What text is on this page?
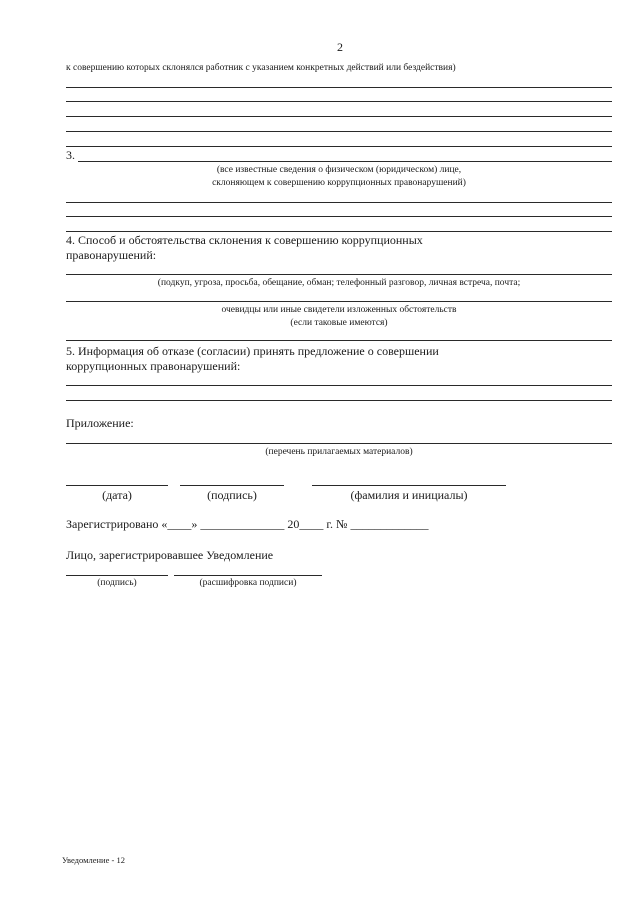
2
к совершению которых склонялся работник с указанием конкретных действий или бездействия)
3.
(все известные сведения о физическом (юридическом) лице,
склоняющем к совершению коррупционных правонарушений)
4. Способ и обстоятельства склонения к совершению коррупционных
правонарушений:
(подкуп, угроза, просьба, обещание, обман; телефонный разговор, личная встреча, почта;
очевидцы или иные свидетели изложенных обстоятельств
(если таковые имеются)
5. Информация об отказе (согласии) принять предложение о совершении
коррупционных правонарушений:
Приложение:
(перечень прилагаемых материалов)
(дата)	(подпись)	(фамилия и инициалы)
Зарегистрировано «____» ______________ 20____ г. № _____________
Лицо, зарегистрировавшее Уведомление
(подпись)	(расшифровка подписи)
Уведомление - 12
